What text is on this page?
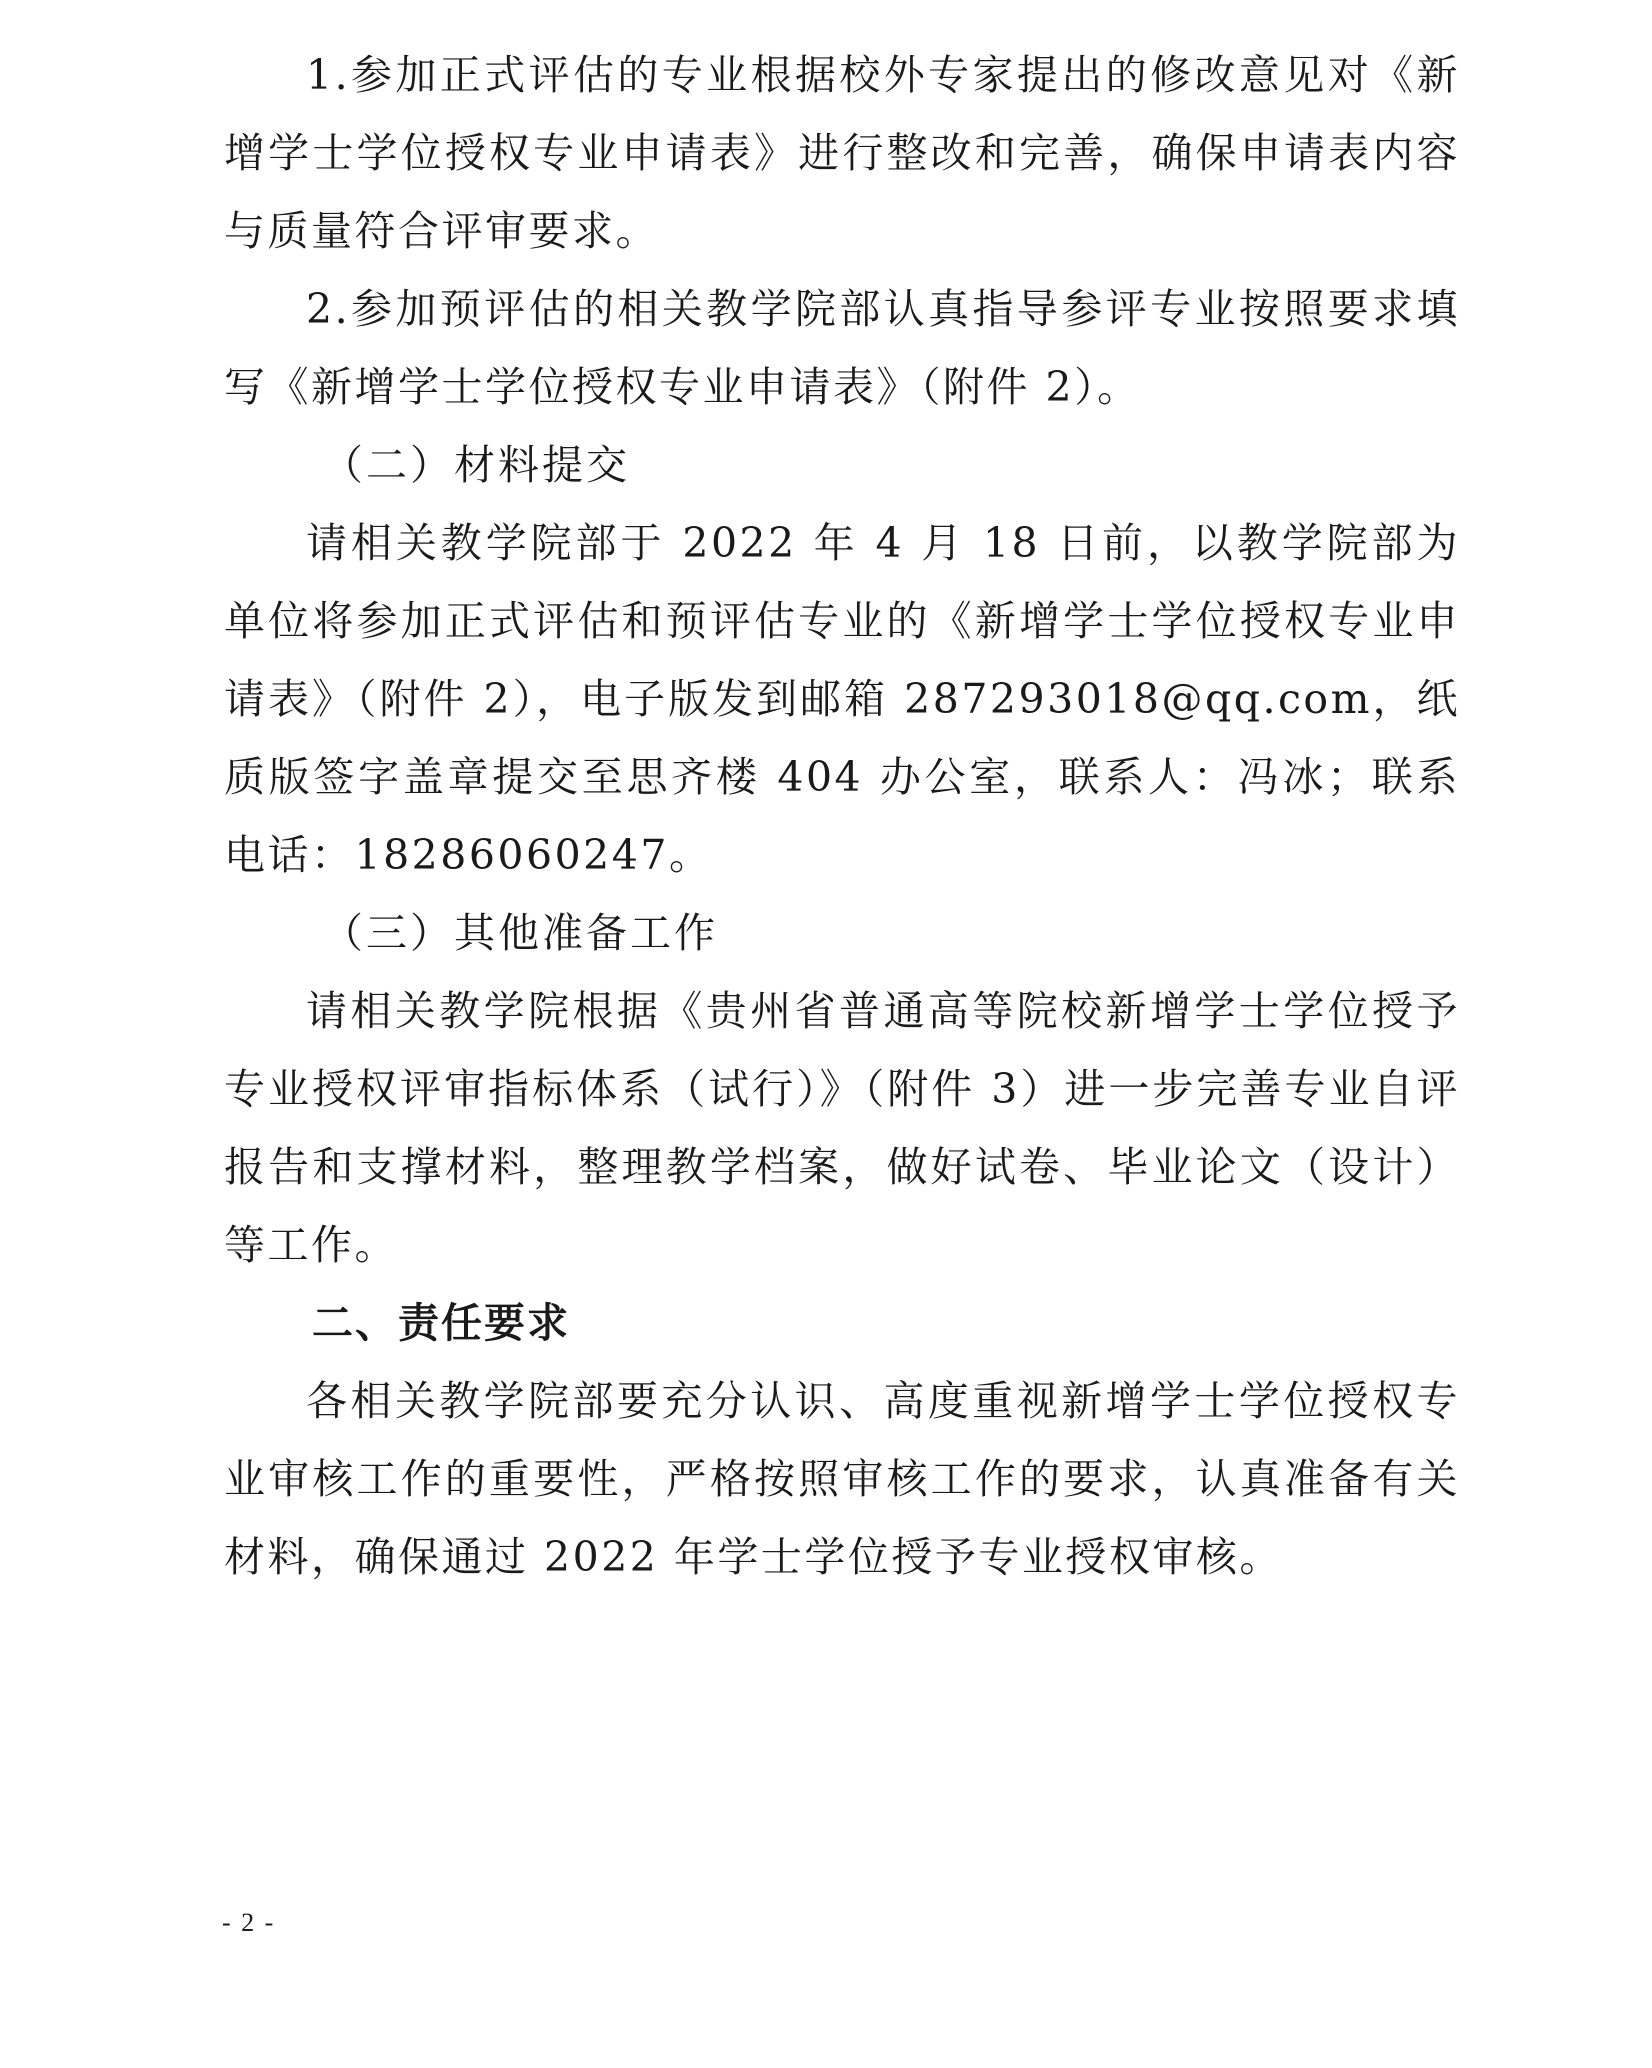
1.参加正式评估的专业根据校外专家提出的修改意见对《新增学士学位授权专业申请表》进行整改和完善，确保申请表内容与质量符合评审要求。

2.参加预评估的相关教学院部认真指导参评专业按照要求填写《新增学士学位授权专业申请表》（附件 2）。

（二）材料提交

请相关教学院部于 2022 年 4 月 18 日前，以教学院部为单位将参加正式评估和预评估专业的《新增学士学位授权专业申请表》（附件 2），电子版发到邮箱 287293018@qq.com，纸质版签字盖章提交至思齐楼 404 办公室，联系人：冯冰；联系电话：18286060247。

（三）其他准备工作

请相关教学院根据《贵州省普通高等院校新增学士学位授予专业授权评审指标体系（试行）》（附件 3）进一步完善专业自评报告和支撑材料，整理教学档案，做好试卷、毕业论文（设计）等工作。

二、责任要求

各相关教学院部要充分认识、高度重视新增学士学位授权专业审核工作的重要性，严格按照审核工作的要求，认真准备有关材料，确保通过 2022 年学士学位授予专业授权审核。

- 2 -
